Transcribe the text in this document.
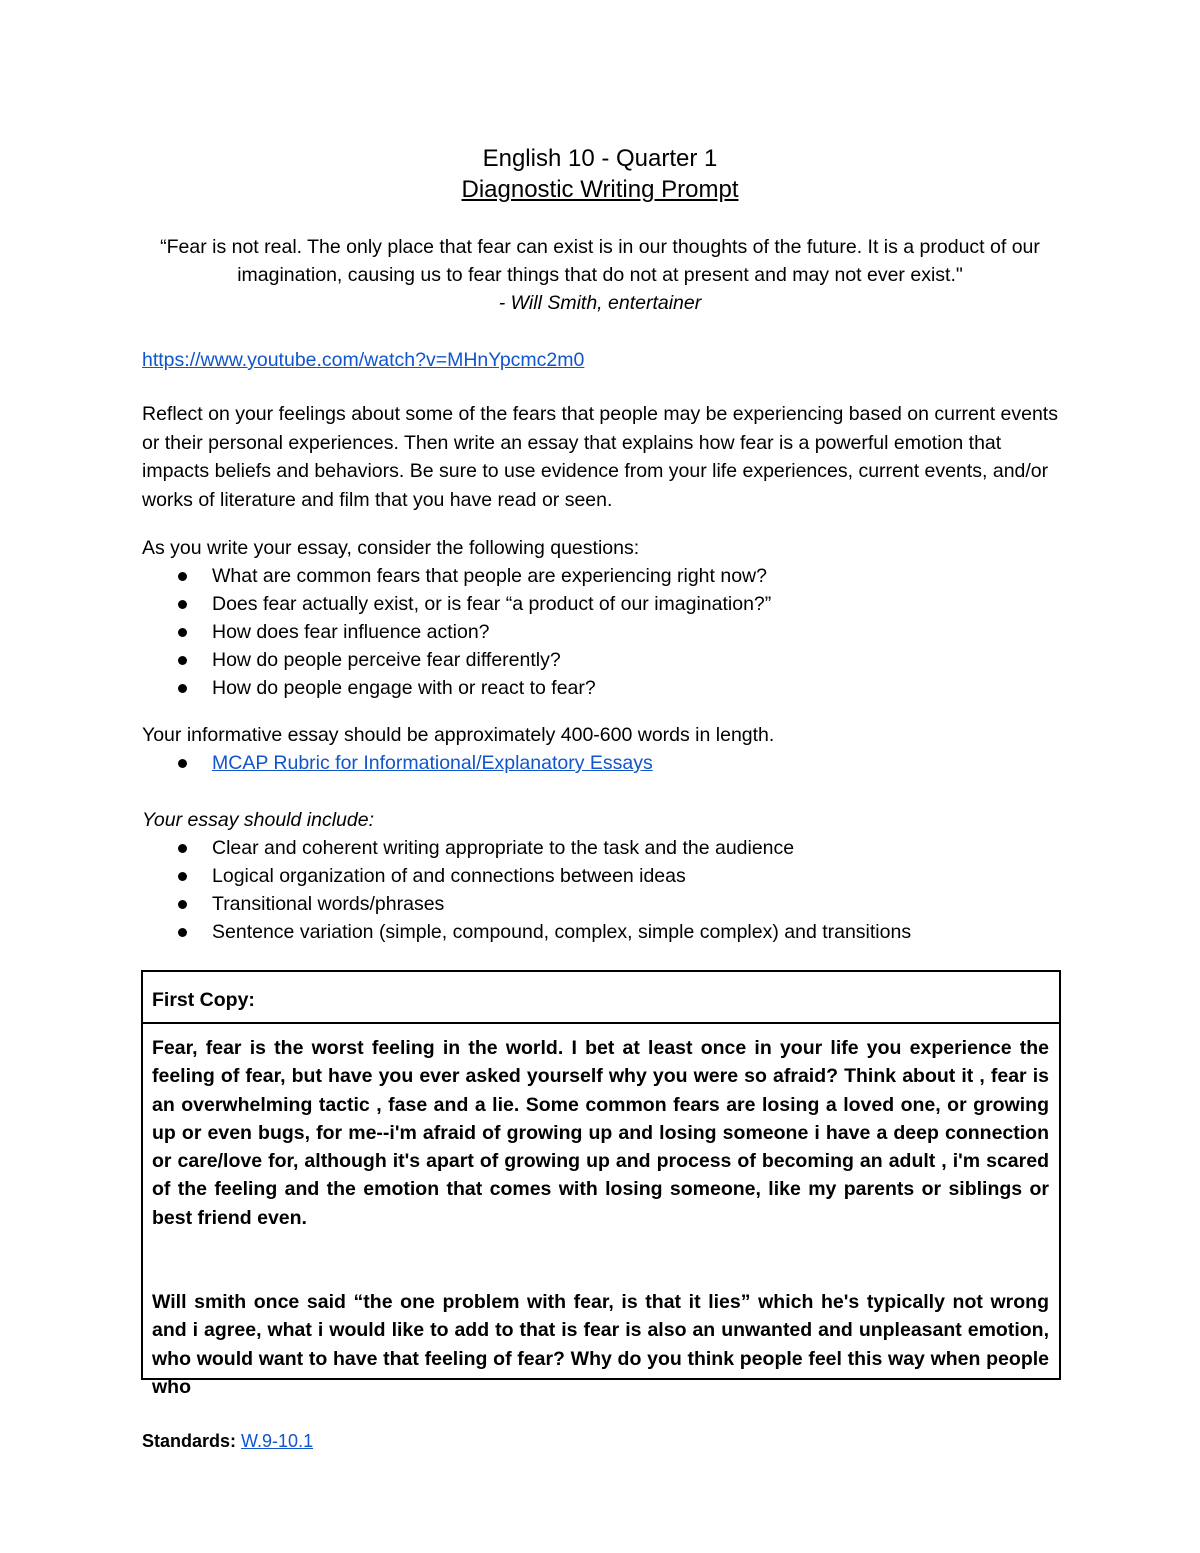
English 10 - Quarter 1
Diagnostic Writing Prompt
“Fear is not real. The only place that fear can exist is in our thoughts of the future. It is a product of our imagination, causing us to fear things that do not at present and may not ever exist."
- Will Smith, entertainer
https://www.youtube.com/watch?v=MHnYpcmc2m0

Reflect on your feelings about some of the fears that people may be experiencing based on current events or their personal experiences. Then write an essay that explains how fear is a powerful emotion that impacts beliefs and behaviors. Be sure to use evidence from your life experiences, current events, and/or works of literature and film that you have read or seen.

As you write your essay, consider the following questions:

What are common fears that people are experiencing right now?
Does fear actually exist, or is fear “a product of our imagination?”
How does fear influence action?
How do people perceive fear differently?
How do people engage with or react to fear?

Your informative essay should be approximately 400-600 words in length.

MCAP Rubric for Informational/Explanatory Essays

Your essay should include:

Clear and coherent writing appropriate to the task and the audience
Logical organization of and connections between ideas
Transitional words/phrases
Sentence variation (simple, compound, complex, simple complex) and transitions
First Copy:

Fear, fear is the worst feeling in the world. I bet at least once in your life you experience the feeling of fear, but have you ever asked yourself why you were so afraid? Think about it , fear is an overwhelming tactic , fase and a lie. Some common fears are losing a loved one, or growing up or even bugs, for me--i'm afraid of growing up and losing someone i have a deep connection or care/love for, although it's apart of growing up and process of becoming an adult , i'm scared of the feeling and the emotion that comes with losing someone, like my parents or siblings or best friend even.

Will smith once said “the one problem with fear, is that it lies” which he's typically not wrong and i agree, what i would like to add to that is fear is also an unwanted and unpleasant emotion, who would want to have that feeling of fear? Why do you think people feel this way when people who

Standards: W.9-10.1
